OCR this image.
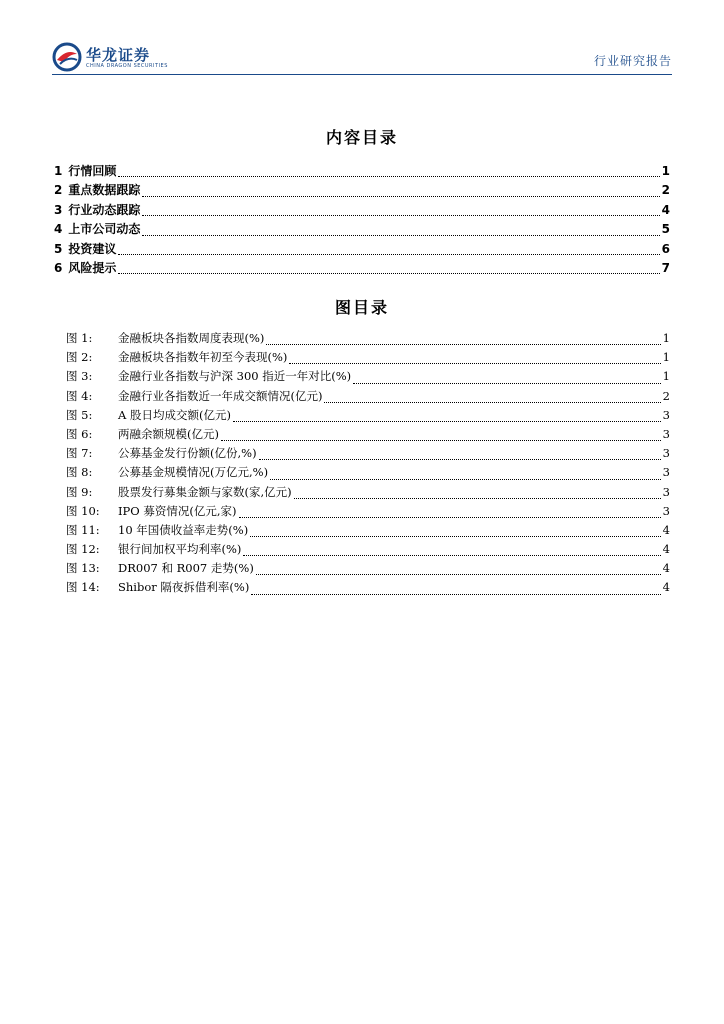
华龙证券
CHINA DRAGON SECURITIES	行业研究报告
内容目录
1 行情回顾	1
2 重点数据跟踪	2
3 行业动态跟踪	4
4 上市公司动态	5
5 投资建议	6
6 风险提示	7
图目录
图 1:	金融板块各指数周度表现(%)	1
图 2:	金融板块各指数年初至今表现(%)	1
图 3:	金融行业各指数与沪深 300 指近一年对比(%)	1
图 4:	金融行业各指数近一年成交额情况(亿元)	2
图 5:	A 股日均成交额(亿元)	3
图 6:	两融余额规模(亿元)	3
图 7:	公募基金发行份额(亿份,%)	3
图 8:	公募基金规模情况(万亿元,%)	3
图 9:	股票发行募集金额与家数(家,亿元)	3
图 10:	IPO 募资情况(亿元,家)	3
图 11:	10 年国债收益率走势(%)	4
图 12:	银行间加权平均利率(%)	4
图 13:	DR007 和 R007 走势(%)	4
图 14:	Shibor 隔夜拆借利率(%)	4
